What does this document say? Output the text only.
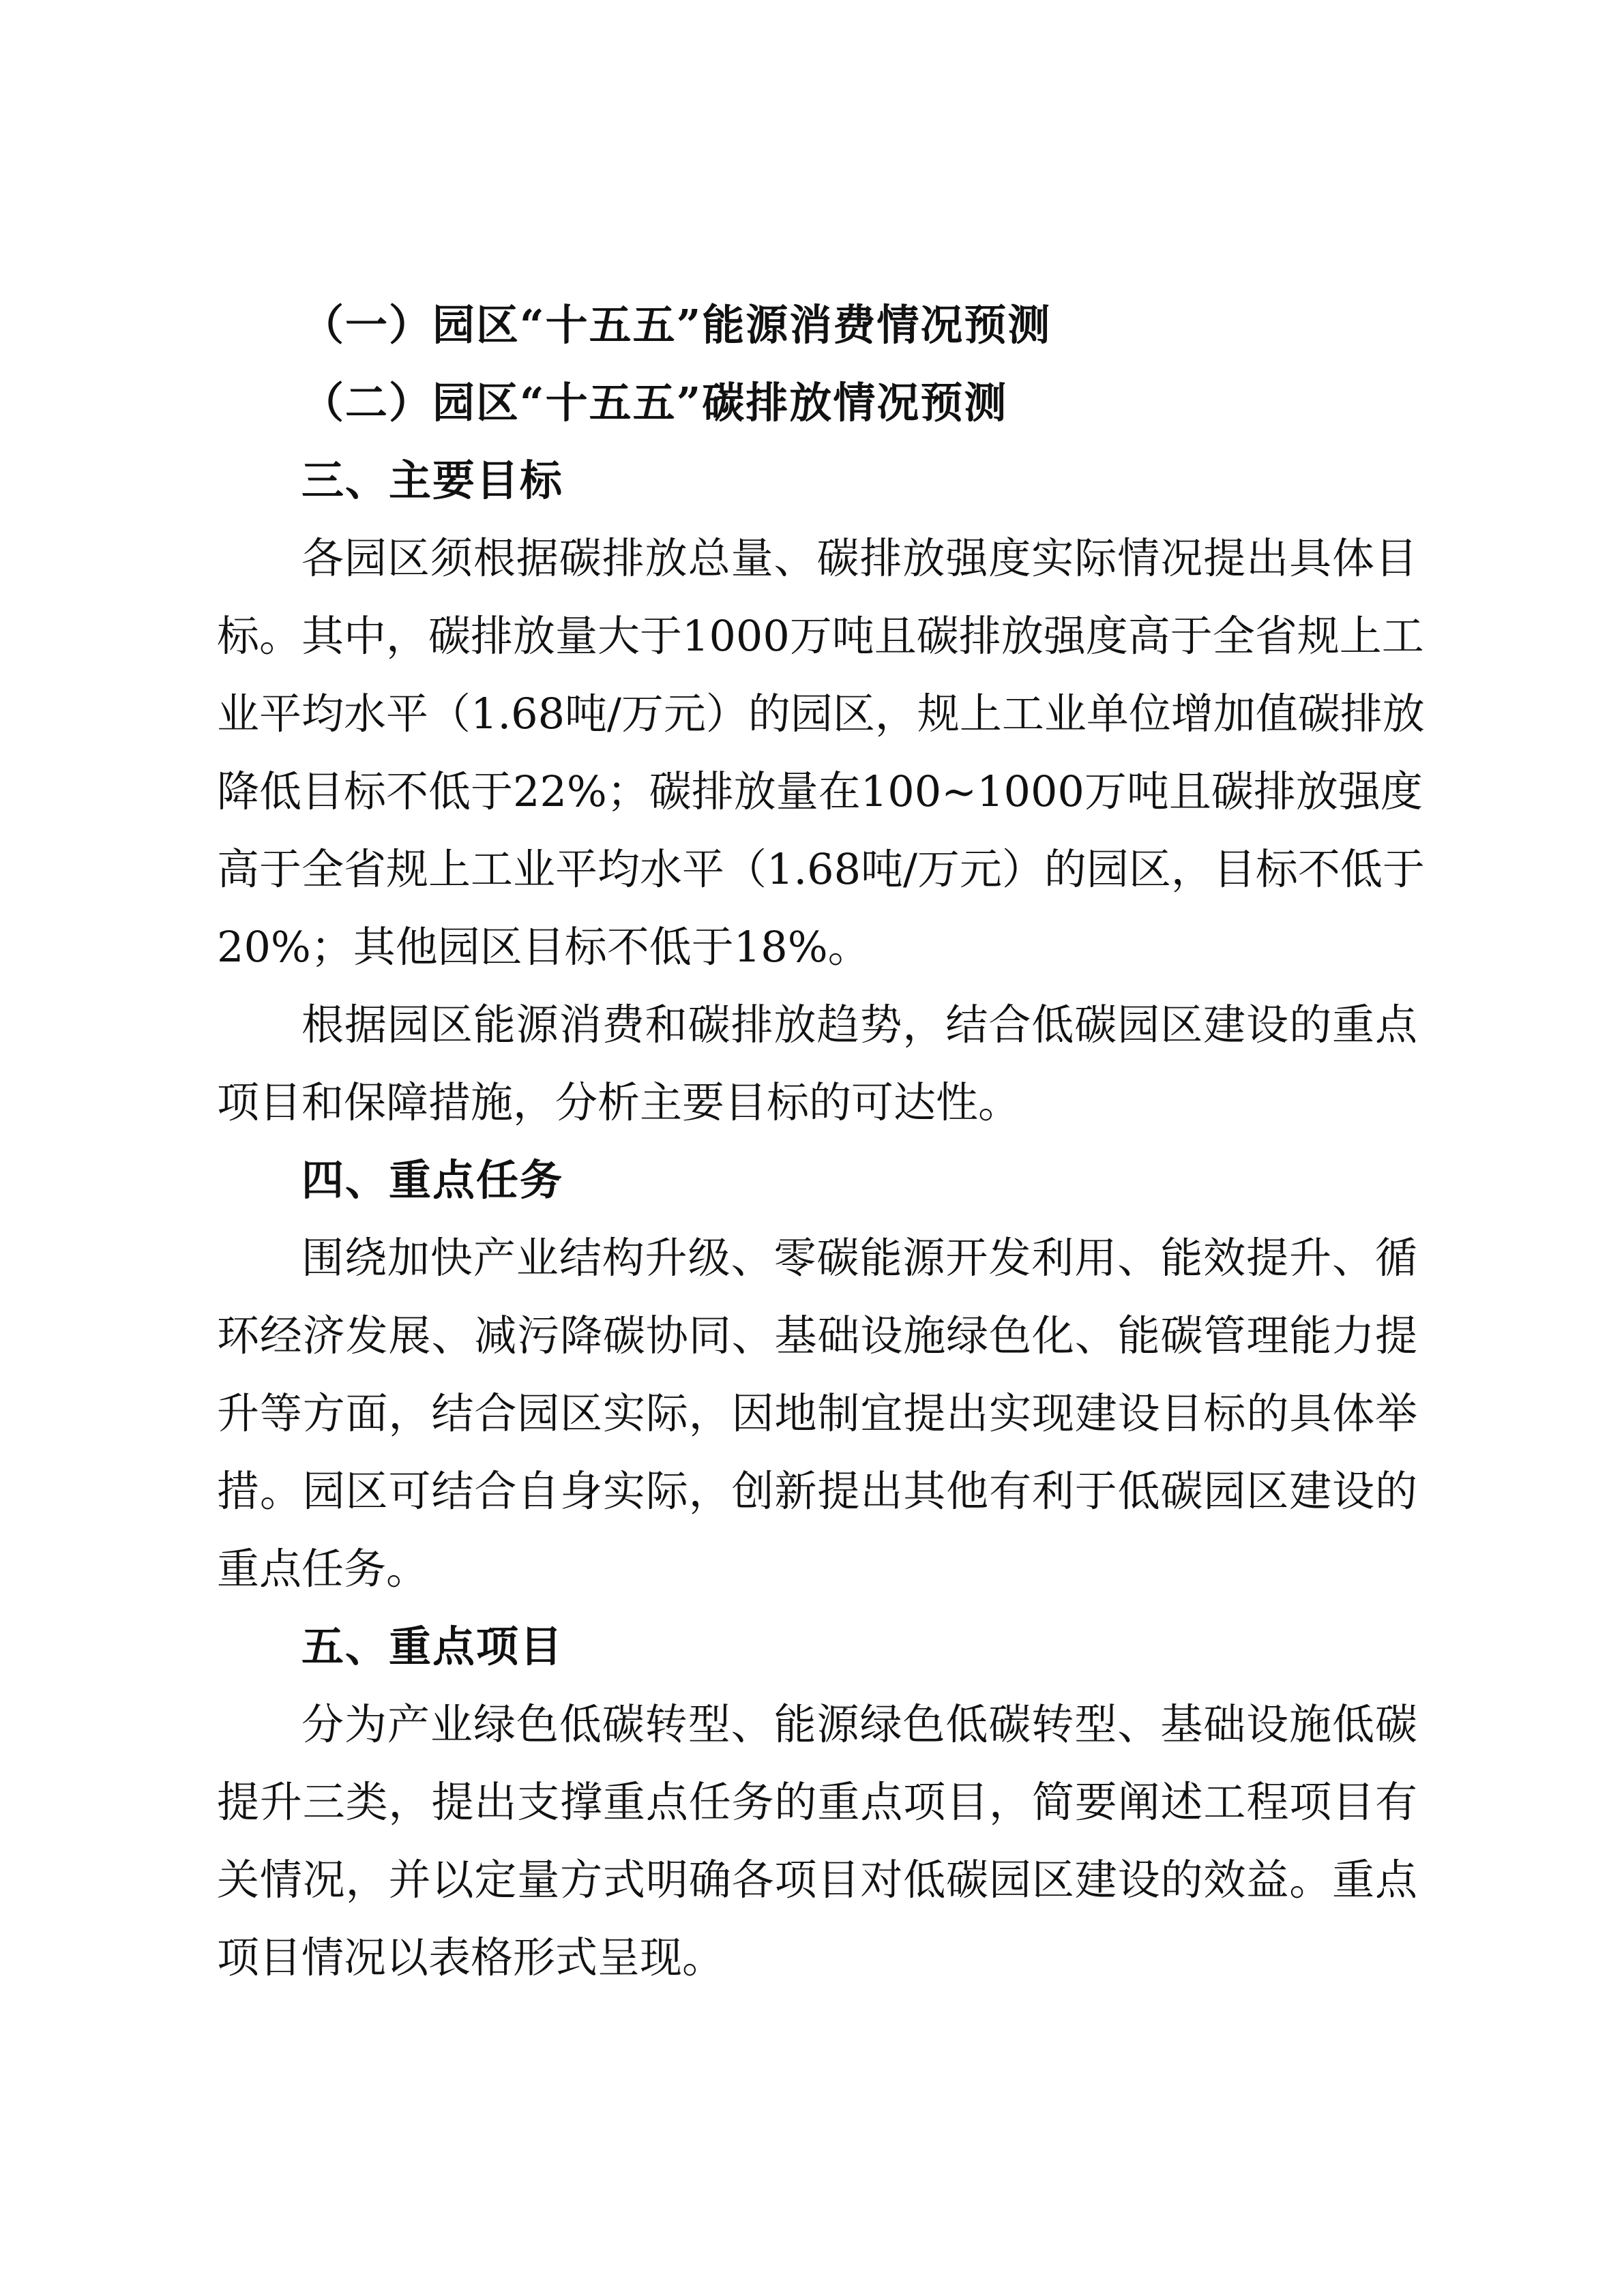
（一）园区“十五五”能源消费情况预测

（二）园区“十五五”碳排放情况预测

三、主要目标

各园区须根据碳排放总量、碳排放强度实际情况提出具体目

标。其中，碳排放量大于1000万吨且碳排放强度高于全省规上工

业平均水平（1.68吨/万元）的园区，规上工业单位增加值碳排放

降低目标不低于22%；碳排放量在100~1000万吨且碳排放强度

高于全省规上工业平均水平（1.68吨/万元）的园区，目标不低于

20%；其他园区目标不低于18%。

根据园区能源消费和碳排放趋势，结合低碳园区建设的重点

项目和保障措施，分析主要目标的可达性。

四、重点任务

围绕加快产业结构升级、零碳能源开发利用、能效提升、循

环经济发展、减污降碳协同、基础设施绿色化、能碳管理能力提

升等方面，结合园区实际，因地制宜提出实现建设目标的具体举

措。园区可结合自身实际，创新提出其他有利于低碳园区建设的

重点任务。

五、重点项目

分为产业绿色低碳转型、能源绿色低碳转型、基础设施低碳

提升三类，提出支撑重点任务的重点项目，简要阐述工程项目有

关情况，并以定量方式明确各项目对低碳园区建设的效益。重点

项目情况以表格形式呈现。
